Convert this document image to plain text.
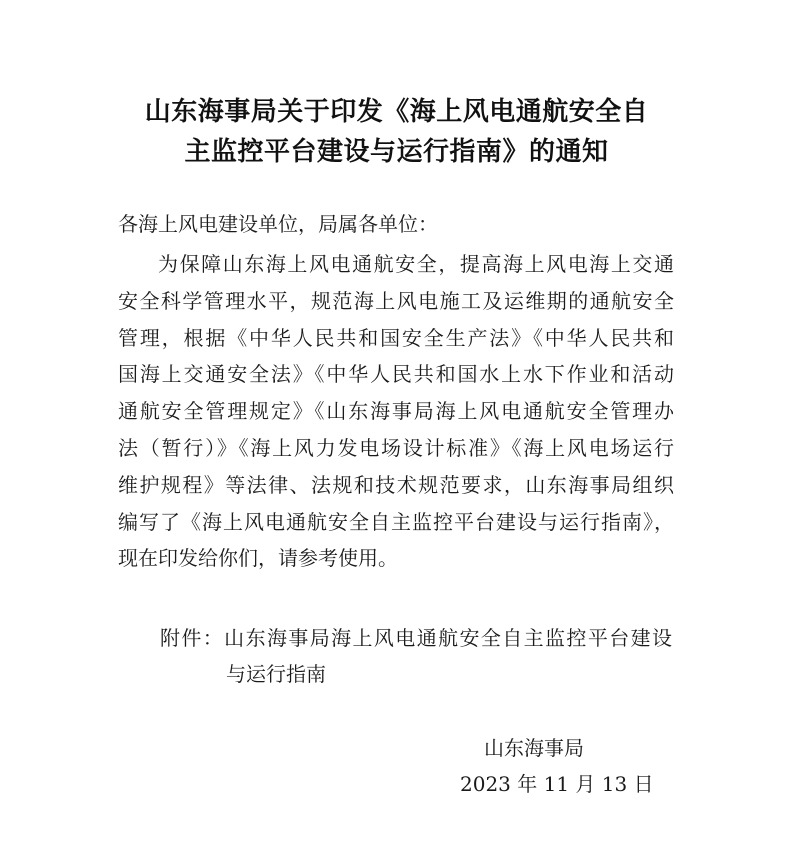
山东海事局关于印发《海上风电通航安全自
主监控平台建设与运行指南》的通知
各海上风电建设单位，局属各单位：
为保障山东海上风电通航安全，提高海上风电海上交通
安全科学管理水平，规范海上风电施工及运维期的通航安全
管理，根据《中华人民共和国安全生产法》《中华人民共和
国海上交通安全法》《中华人民共和国水上水下作业和活动
通航安全管理规定》《山东海事局海上风电通航安全管理办
法（暂行）》《海上风力发电场设计标准》《海上风电场运行
维护规程》等法律、法规和技术规范要求，山东海事局组织
编写了《海上风电通航安全自主监控平台建设与运行指南》，
现在印发给你们，请参考使用。
附件：山东海事局海上风电通航安全自主监控平台建设
与运行指南
山东海事局
2023 年 11 月 13 日
